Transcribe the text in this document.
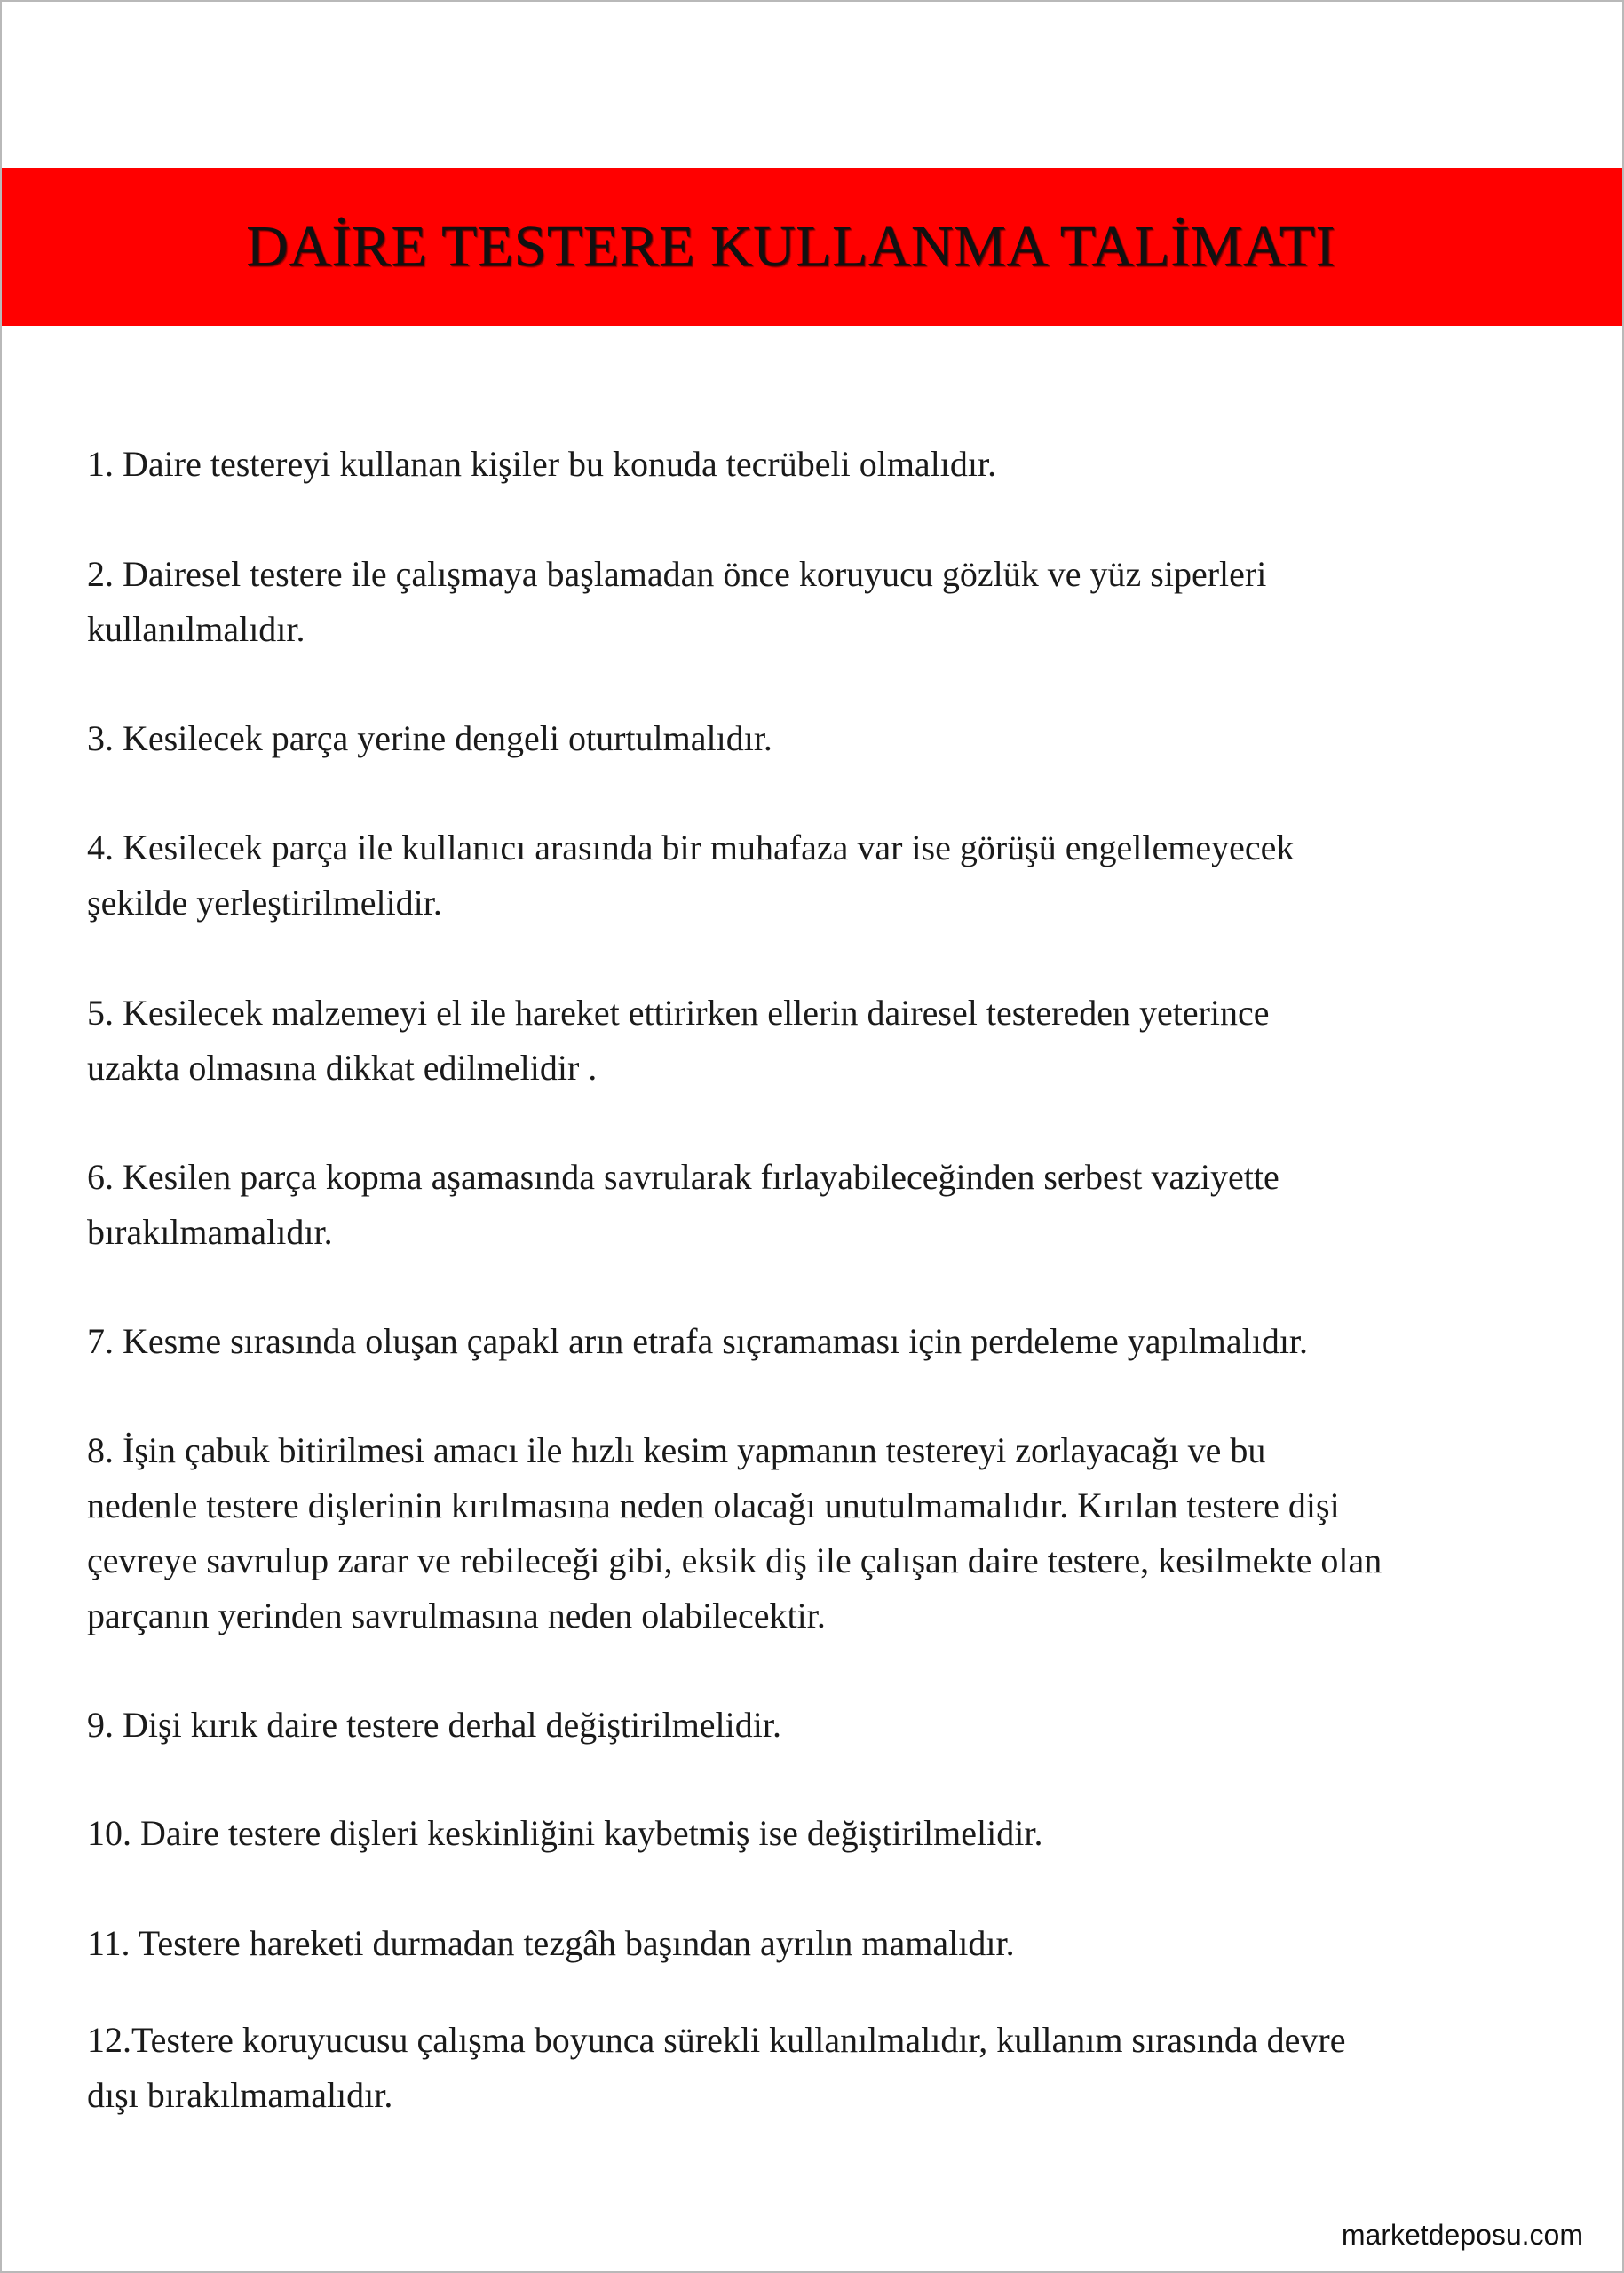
DAİRE TESTERE KULLANMA TALİMATI
1. Daire testereyi kullanan kişiler bu konuda tecrübeli olmalıdır.
2. Dairesel testere ile çalışmaya başlamadan önce koruyucu gözlük ve yüz siperleri
kullanılmalıdır.
3. Kesilecek parça yerine dengeli oturtulmalıdır.
4. Kesilecek parça ile kullanıcı arasında bir muhafaza var ise görüşü engellemeyecek
şekilde yerleştirilmelidir.
5. Kesilecek malzemeyi el ile hareket ettirirken ellerin dairesel testereden yeterince
uzakta olmasına dikkat edilmelidir .
6. Kesilen parça kopma aşamasında savrularak fırlayabileceğinden serbest vaziyette
bırakılmamalıdır.
7. Kesme sırasında oluşan çapakl arın etrafa sıçramaması için perdeleme yapılmalıdır.
8. İşin çabuk bitirilmesi amacı ile hızlı kesim yapmanın testereyi zorlayacağı ve bu
nedenle testere dişlerinin kırılmasına neden olacağı unutulmamalıdır. Kırılan testere dişi
çevreye savrulup zarar ve rebileceği gibi, eksik diş ile çalışan daire testere, kesilmekte olan
parçanın yerinden savrulmasına neden olabilecektir.
9. Dişi kırık daire testere derhal değiştirilmelidir.
10. Daire testere dişleri keskinliğini kaybetmiş ise değiştirilmelidir.
11. Testere hareketi durmadan tezgâh başından ayrılın mamalıdır.
12.Testere koruyucusu çalışma boyunca sürekli kullanılmalıdır, kullanım sırasında devre
dışı bırakılmamalıdır.
marketdeposu.com
